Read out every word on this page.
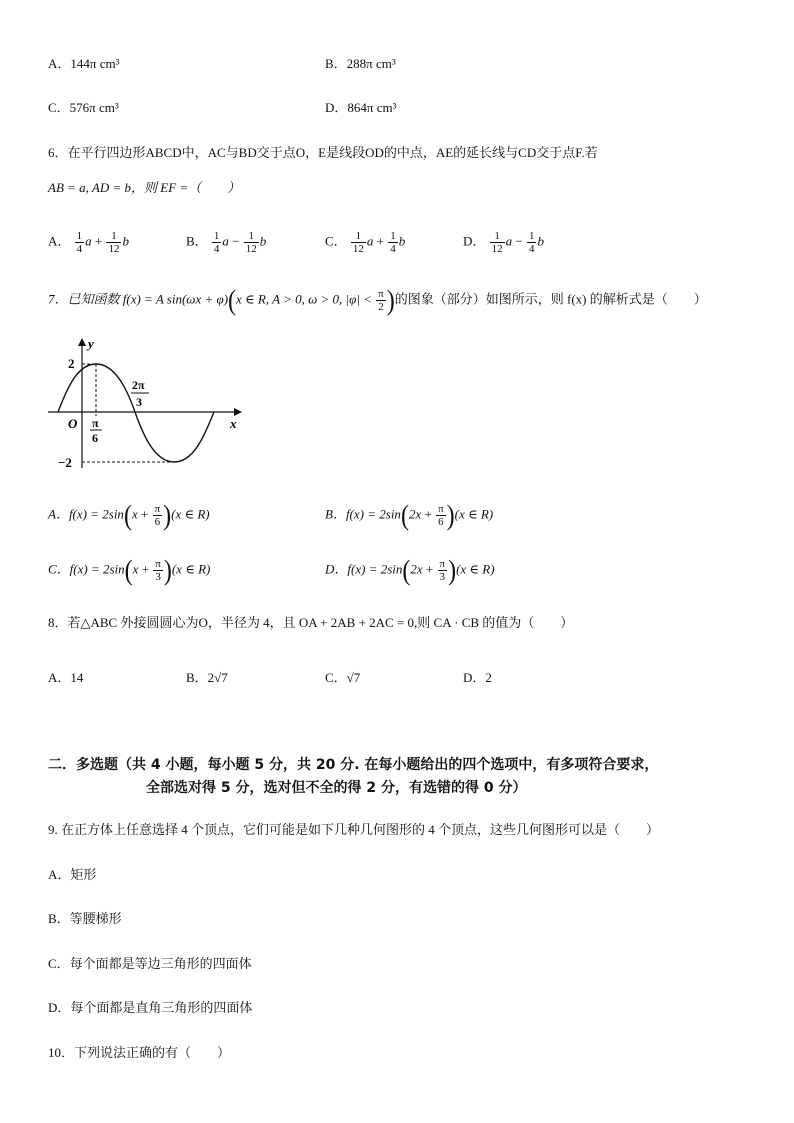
A．144π cm³	B．288π cm³
C．576π cm³	D．864π cm³
6．在平行四边形ABCD中，AC与BD交于点O，E是线段OD的中点，AE的延长线与CD交于点F.若
AB = a, AD = b，则 EF =（　　）
A． $\frac{1}{4}$ $a + \frac{1}{12}$ b	B． $\frac{1}{4}$ $a - \frac{1}{12}$ b	C． $\frac{1}{12}$ $a + \frac{1}{4}$ b	D． $\frac{1}{12}$ $a - \frac{1}{4}$ b
7．已知函数 f(x) = A sin(ωx + φ)(x ∈ R, A > 0, ω > 0, $|\varphi| < \frac{\pi}{2}$ )的图象（部分）如图所示，则 f(x) 的解析式是（　　）
y
x
O
2
−2
π
6
2π
3
A．$f(x) = 2\sin(x + \frac{\pi}{6} )(x$ ∈ R)	B．$f(x) = 2\sin(2x + \frac{\pi}{6} )(x$ ∈ R)
C．$f(x) = 2\sin(x + \frac{\pi}{3} )(x$ ∈ R)	D．$f(x) = 2\sin(2x + \frac{\pi}{3} )(x$ ∈ R)
8．若△ABC 外接圆圆心为O，半径为 4，且 OA + 2AB + 2AC = 0,则 CA · CB 的值为（　　）
A．14	B．2√7	C．√7	D．2
二．多选题（共 4 小题，每小题 5 分，共 20 分. 在每小题给出的四个选项中，有多项符合要求，
全部选对得 5 分，选对但不全的得 2 分，有选错的得 0 分）
9. 在正方体上任意选择 4 个顶点，它们可能是如下几种几何图形的 4 个顶点，这些几何图形可以是（　　）
A．矩形
B．等腰梯形
C．每个面都是等边三角形的四面体
D．每个面都是直角三角形的四面体
10．下列说法正确的有（　　）
